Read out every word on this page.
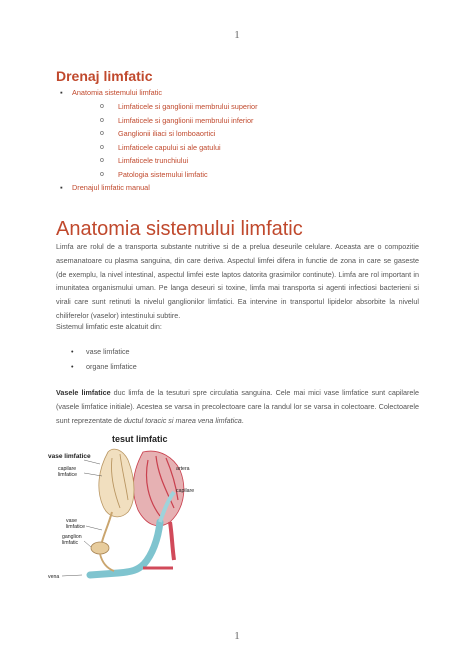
1
Drenaj limfatic
▪ Anatomia sistemului limfatic
o Limfaticele si ganglionii membrului superior
o Limfaticele si ganglionii membrului inferior
o Ganglionii iliaci si lomboaortici
o Limfaticele capului si ale gatului
o Limfaticele trunchiului
o Patologia sistemului limfatic
▪ Drenajul limfatic manual
Anatomia sistemului limfatic

Limfa are rolul de a transporta substante nutritive si de a prelua deseurile celulare. Aceasta are o compozitie asemanatoare cu plasma sanguina, din care deriva. Aspectul limfei difera in functie de zona in care se gaseste (de exemplu, la nivel intestinal, aspectul limfei este laptos datorita grasimilor continute). Limfa are rol important in imunitatea organismului uman. Pe langa deseuri si toxine, limfa mai transporta si agenti infectiosi bacterieni si virali care sunt retinuti la nivelul ganglionilor limfatici. Ea intervine in transportul lipidelor absorbite la nivelul chiliferelor (vaselor) intestinului subtire.

Sistemul limfatic este alcatuit din:

• vase limfatice
• organe limfatice

Vasele limfatice duc limfa de la tesuturi spre circulatia sanguina. Cele mai mici vase limfatice sunt capilarele (vasele limfatice initiale). Acestea se varsa in precolectoare care la randul lor se varsa in colectoare. Colectoarele sunt reprezentate de ductul toracic si marea vena limfatica.

tesut limfatic
vase limfatice
capilare
limfatice
artera
capilare
vase
limfatice
ganglion
limfatic
vena
1
